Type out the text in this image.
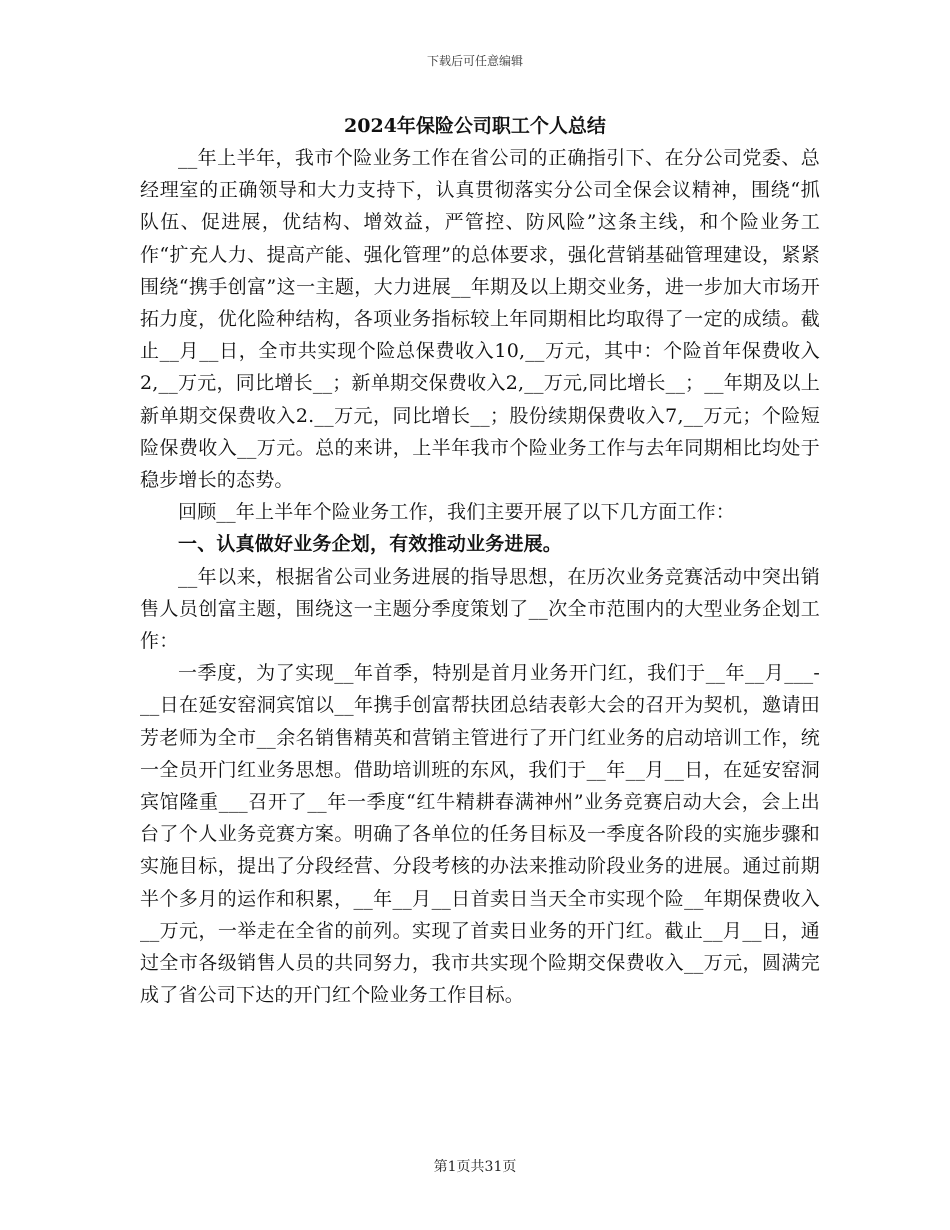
下载后可任意编辑
2024年保险公司职工个人总结

__年上半年，我市个险业务工作在省公司的正确指引下、在分公司党委、总经理室的正确领导和大力支持下，认真贯彻落实分公司全保会议精神，围绕“抓队伍、促进展，优结构、增效益，严管控、防风险”这条主线，和个险业务工作“扩充人力、提高产能、强化管理”的总体要求，强化营销基础管理建设，紧紧围绕“携手创富”这一主题，大力进展__年期及以上期交业务，进一步加大市场开拓力度，优化险种结构，各项业务指标较上年同期相比均取得了一定的成绩。截止__月__日，全市共实现个险总保费收入10,__万元，其中：个险首年保费收入2,__万元，同比增长__；新单期交保费收入2,__万元,同比增长__；__年期及以上新单期交保费收入2.__万元，同比增长__；股份续期保费收入7,__万元；个险短险保费收入__万元。总的来讲，上半年我市个险业务工作与去年同期相比均处于稳步增长的态势。

回顾__年上半年个险业务工作，我们主要开展了以下几方面工作：

一、认真做好业务企划，有效推动业务进展。

__年以来，根据省公司业务进展的指导思想，在历次业务竞赛活动中突出销售人员创富主题，围绕这一主题分季度策划了__次全市范围内的大型业务企划工作：

一季度，为了实现__年首季，特别是首月业务开门红，我们于__年__月___-__日在延安窑洞宾馆以__年携手创富帮扶团总结表彰大会的召开为契机，邀请田芳老师为全市__余名销售精英和营销主管进行了开门红业务的启动培训工作，统一全员开门红业务思想。借助培训班的东风，我们于__年__月__日，在延安窑洞宾馆隆重___召开了__年一季度“红牛精耕春满神州”业务竞赛启动大会，会上出台了个人业务竞赛方案。明确了各单位的任务目标及一季度各阶段的实施步骤和实施目标，提出了分段经营、分段考核的办法来推动阶段业务的进展。通过前期半个多月的运作和积累，__年__月__日首卖日当天全市实现个险__年期保费收入__万元，一举走在全省的前列。实现了首卖日业务的开门红。截止__月__日，通过全市各级销售人员的共同努力，我市共实现个险期交保费收入__万元，圆满完成了省公司下达的开门红个险业务工作目标。

第1页共31页
